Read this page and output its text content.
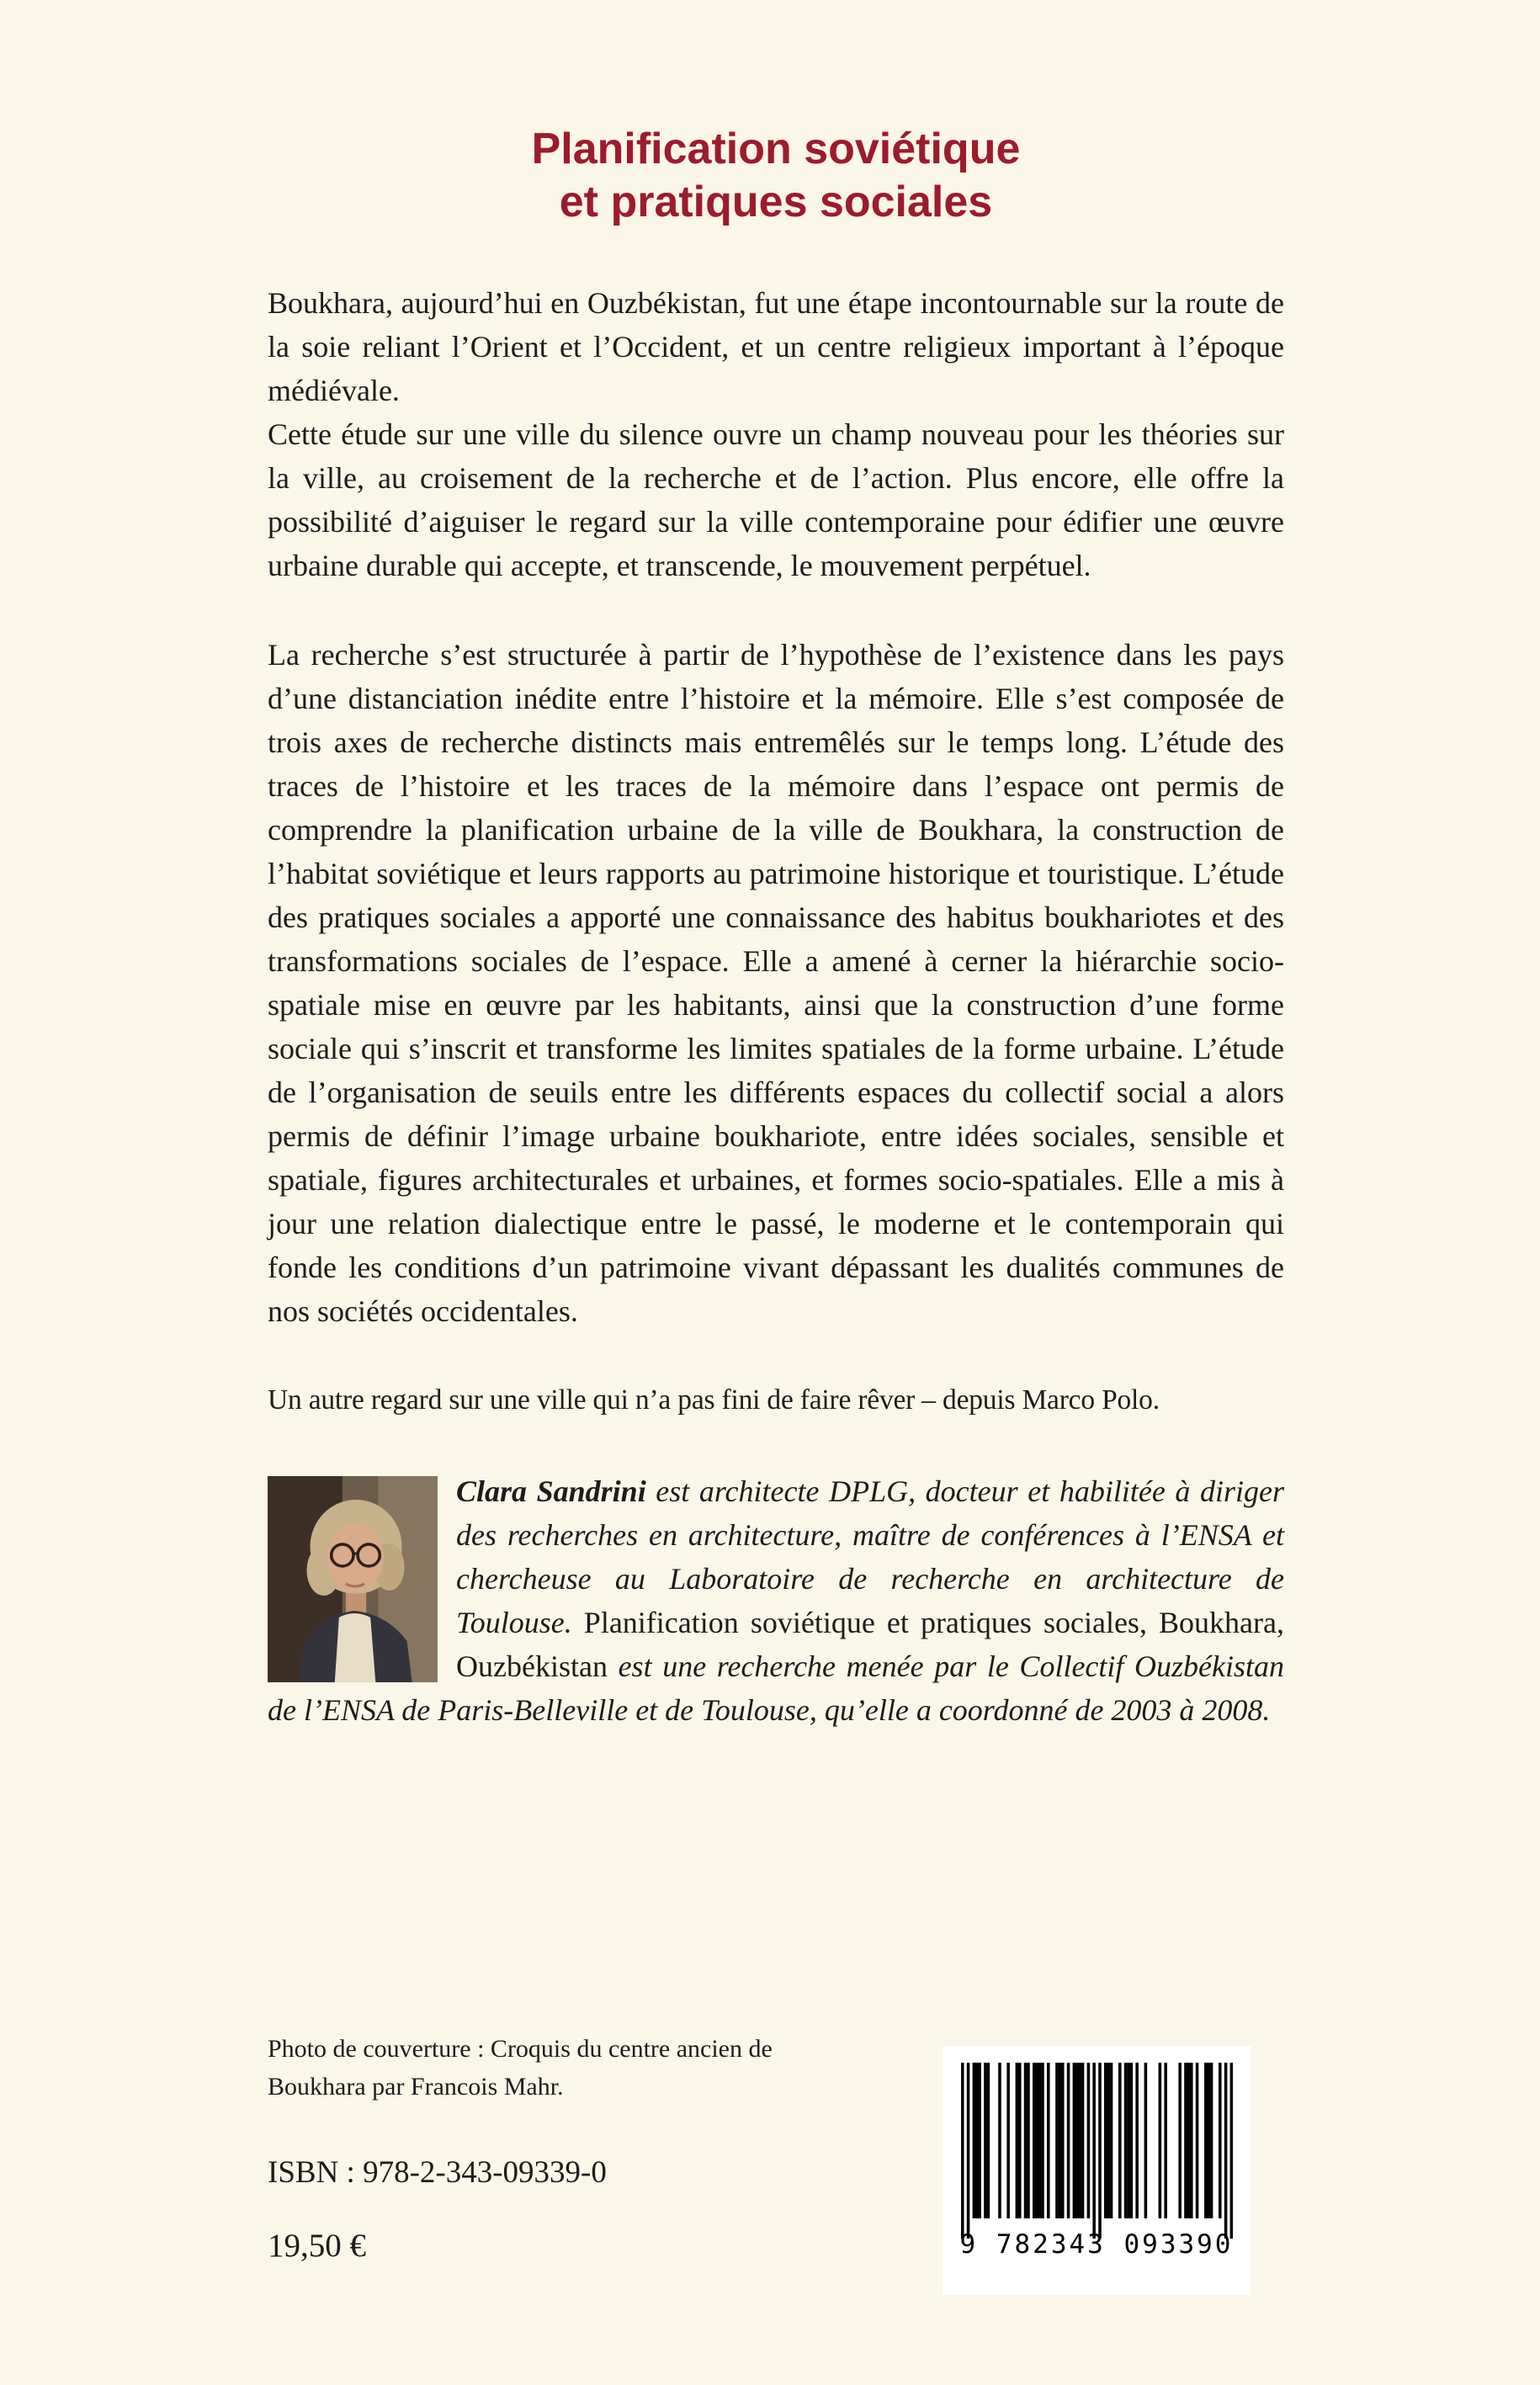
Planification soviétique
et pratiques sociales

Boukhara, aujourd’hui en Ouzbékistan, fut une étape incontournable sur la route de la soie reliant l’Orient et l’Occident, et un centre religieux important à l’époque médiévale.

Cette étude sur une ville du silence ouvre un champ nouveau pour les théories sur la ville, au croisement de la recherche et de l’action. Plus encore, elle offre la possibilité d’aiguiser le regard sur la ville contemporaine pour édifier une œuvre urbaine durable qui accepte, et transcende, le mouvement perpétuel.

La recherche s’est structurée à partir de l’hypothèse de l’existence dans les pays d’une distanciation inédite entre l’histoire et la mémoire. Elle s’est composée de trois axes de recherche distincts mais entremêlés sur le temps long. L’étude des traces de l’histoire et les traces de la mémoire dans l’espace ont permis de comprendre la planification urbaine de la ville de Boukhara, la construction de l’habitat soviétique et leurs rapports au patrimoine historique et touristique. L’étude des pratiques sociales a apporté une connaissance des habitus boukhariotes et des transformations sociales de l’espace. Elle a amené à cerner la hiérarchie socio-spatiale mise en œuvre par les habitants, ainsi que la construction d’une forme sociale qui s’inscrit et transforme les limites spatiales de la forme urbaine. L’étude de l’organisation de seuils entre les différents espaces du collectif social a alors permis de définir l’image urbaine boukhariote, entre idées sociales, sensible et spatiale, figures architecturales et urbaines, et formes socio-spatiales. Elle a mis à jour une relation dialectique entre le passé, le moderne et le contemporain qui fonde les conditions d’un patrimoine vivant dépassant les dualités communes de nos sociétés occidentales.

Un autre regard sur une ville qui n’a pas fini de faire rêver – depuis Marco Polo.

Clara Sandrini est architecte DPLG, docteur et habilitée à diriger des recherches en architecture, maître de conférences à l’ENSA et chercheuse au Laboratoire de recherche en architecture de Toulouse. Planification soviétique et pratiques sociales, Boukhara, Ouzbékistan est une recherche menée par le Collectif Ouzbékistan de l’ENSA de Paris-Belleville et de Toulouse, qu’elle a coordonné de 2003 à 2008.

Photo de couverture : Croquis du centre ancien de Boukhara par Francois Mahr.
ISBN : 978-2-343-09339-0
19,50 €	9 782343 093390
